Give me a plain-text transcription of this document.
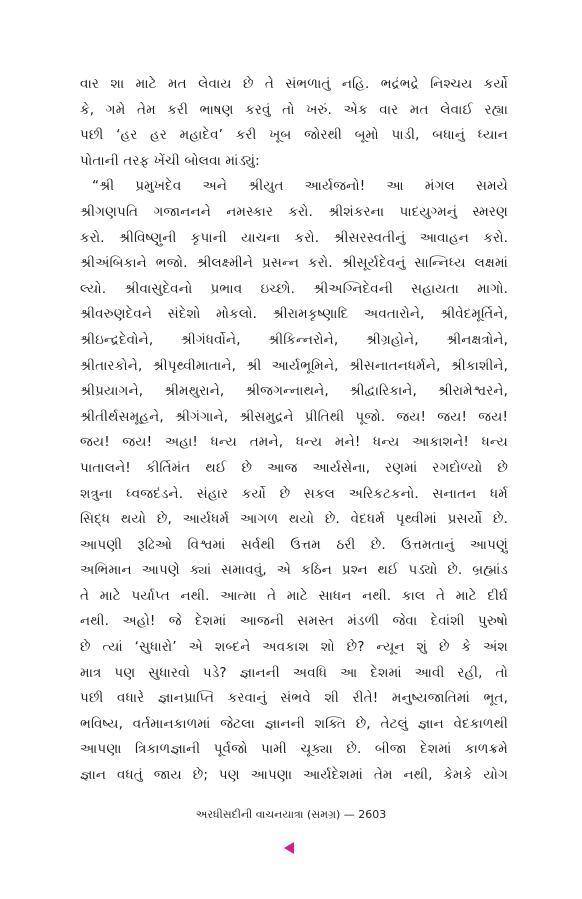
વાર શા માટે મત લેવાય છે તે સંભળાતું નહિ. ભદ્રંભદ્રે નિશ્ચય કર્યો
કે, ગમે તેમ કરી ભાષણ કરવું તો ખરું. એક વાર મત લેવાઈ રહ્યા
પછી ‘હર હર મહાદેવ’ કરી ખૂબ જોરથી બૂમો પાડી, બધાનું ધ્યાન
પોતાની તરફ ખેંચી બોલવા માંડ્યું:
“શ્રી પ્રમુખદેવ અને શ્રીયુત આર્યજનો! આ મંગલ સમયે
શ્રીગણપતિ ગજાનનને નમસ્કાર કરો. શ્રીશંકરના પાદયુગ્મનું સ્મરણ
કરો. શ્રીવિષ્ણુની કૃપાની યાચના કરો. શ્રીસરસ્વતીનું આવાહન કરો.
શ્રીઅંબિકાને ભજો. શ્રીલક્ષ્મીને પ્રસન્ન કરો. શ્રીસૂર્યદેવનું સાન્નિધ્ય લક્ષમાં
લ્યો. શ્રીવાસુદેવનો પ્રભાવ ઇચ્છો. શ્રીઅગ્નિદેવની સહાયતા માગો.
શ્રીવરુણદેવને સંદેશો મોકલો. શ્રીરામકૃષ્ણાદિ અવતારોને, શ્રીવેદમૂર્તિને,
શ્રીઇન્દ્રદેવોને, શ્રીગંધર્વોને, શ્રીકિન્નરોને, શ્રીગ્રહોને, શ્રીનક્ષત્રોને,
શ્રીતારકોને, શ્રીપૃથ્વીમાતાને, શ્રી આર્યભૂમિને, શ્રીસનાતનધર્મને, શ્રીકાશીને,
શ્રીપ્રયાગને, શ્રીમથુરાને, શ્રીજગન્નાથને, શ્રીદ્વારિકાને, શ્રીરામેશ્વરને,
શ્રીતીર્થસમૂહને, શ્રીગંગાને, શ્રીસમુદ્રને પ્રીતિથી પૂજો. જય! જય! જય!
જય! જય! અહા! ધન્ય તમને, ધન્ય મને! ધન્ય આકાશને! ધન્ય
પાતાલને! કીર્તિમંત થઈ છે આજ આર્યસેના, રણમાં રગદોળ્યો છે
શત્રુના ધ્વજદંડને. સંહાર કર્યો છે સકલ અરિકટકનો. સનાતન ધર્મ
સિદ્ધ થયો છે, આર્યધર્મ આગળ થયો છે. વેદધર્મ પૃથ્વીમાં પ્રસર્યો છે.
આપણી રૂઢિઓ વિશ્વમાં સર્વથી ઉત્તમ ઠરી છે. ઉત્તમતાનું આપણું
અભિમાન આપણે ક્યાં સમાવવું, એ કઠિન પ્રશ્ન થઈ પડ્યો છે. બ્રહ્માંડ
તે માટે પર્યાપ્ત નથી. આત્મા તે માટે સાધન નથી. કાલ તે માટે દીર્ઘ
નથી. અહો! જે દેશમાં આજની સમસ્ત મંડળી જેવા દેવાંશી પુરુષો
છે ત્યાં ‘સુધારો’ એ શબ્દને અવકાશ શો છે? ન્યૂન શું છે કે અંશ
માત્ર પણ સુધારવો પડે? જ્ઞાનની અવધિ આ દેશમાં આવી રહી, તો
પછી વધારે જ્ઞાનપ્રાપ્તિ કરવાનું સંભવે શી રીતે! મનુષ્યજાતિમાં ભૂત,
ભવિષ્ય, વર્તમાનકાળમાં જેટલા જ્ઞાનની શક્તિ છે, તેટલું જ્ઞાન વેદકાળથી
આપણા ત્રિકાળજ્ઞાની પૂર્વજો પામી ચૂક્યા છે. બીજા દેશમાં કાળક્રમે
જ્ઞાન વધતું જાય છે; પણ આપણા આર્યદેશમાં તેમ નથી, કેમકે યોગ
અરધીસદીની વાચનયાત્રા (સમગ્ર) — 2603
